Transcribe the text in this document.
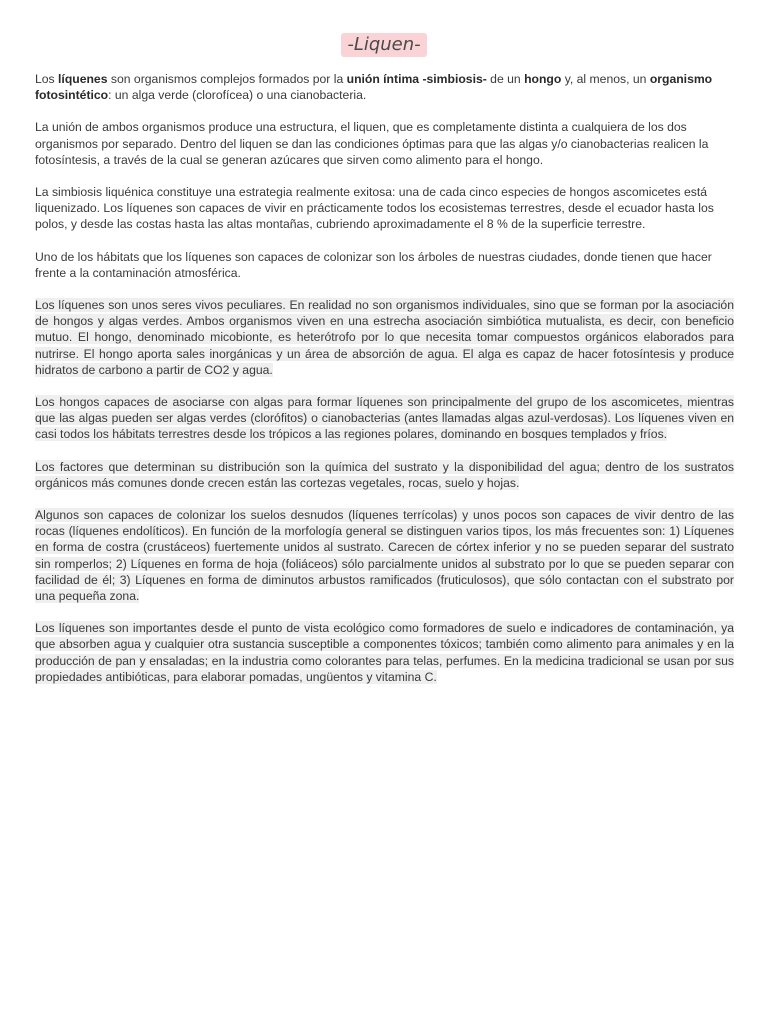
-Liquen-

Los líquenes son organismos complejos formados por la unión íntima -simbiosis- de un hongo y, al menos, un organismo fotosintético: un alga verde (clorofícea) o una cianobacteria.

La unión de ambos organismos produce una estructura, el liquen, que es completamente distinta a cualquiera de los dos organismos por separado. Dentro del liquen se dan las condiciones óptimas para que las algas y/o cianobacterias realicen la fotosíntesis, a través de la cual se generan azúcares que sirven como alimento para el hongo.

La simbiosis liquénica constituye una estrategia realmente exitosa: una de cada cinco especies de hongos ascomicetes está liquenizado. Los líquenes son capaces de vivir en prácticamente todos los ecosistemas terrestres, desde el ecuador hasta los polos, y desde las costas hasta las altas montañas, cubriendo aproximadamente el 8 % de la superficie terrestre.

Uno de los hábitats que los líquenes son capaces de colonizar son los árboles de nuestras ciudades, donde tienen que hacer frente a la contaminación atmosférica.

Los líquenes son unos seres vivos peculiares. En realidad no son organismos individuales, sino que se forman por la asociación de hongos y algas verdes. Ambos organismos viven en una estrecha asociación simbiótica mutualista, es decir, con beneficio mutuo. El hongo, denominado micobionte, es heterótrofo por lo que necesita tomar compuestos orgánicos elaborados para nutrirse. El hongo aporta sales inorgánicas y un área de absorción de agua. El alga es capaz de hacer fotosíntesis y produce hidratos de carbono a partir de CO2 y agua.

Los hongos capaces de asociarse con algas para formar líquenes son principalmente del grupo de los ascomicetes, mientras que las algas pueden ser algas verdes (clorófitos) o cianobacterias (antes llamadas algas azul-verdosas). Los líquenes viven en casi todos los hábitats terrestres desde los trópicos a las regiones polares, dominando en bosques templados y fríos.

Los factores que determinan su distribución son la química del sustrato y la disponibilidad del agua; dentro de los sustratos orgánicos más comunes donde crecen están las cortezas vegetales, rocas, suelo y hojas.

Algunos son capaces de colonizar los suelos desnudos (líquenes terrícolas) y unos pocos son capaces de vivir dentro de las rocas (líquenes endolíticos). En función de la morfología general se distinguen varios tipos, los más frecuentes son: 1) Líquenes en forma de costra (crustáceos) fuertemente unidos al sustrato. Carecen de córtex inferior y no se pueden separar del sustrato sin romperlos; 2) Líquenes en forma de hoja (foliáceos) sólo parcialmente unidos al substrato por lo que se pueden separar con facilidad de él; 3) Líquenes en forma de diminutos arbustos ramificados (fruticulosos), que sólo contactan con el substrato por una pequeña zona.

Los líquenes son importantes desde el punto de vista ecológico como formadores de suelo e indicadores de contaminación, ya que absorben agua y cualquier otra sustancia susceptible a componentes tóxicos; también como alimento para animales y en la producción de pan y ensaladas; en la industria como colorantes para telas, perfumes. En la medicina tradicional se usan por sus propiedades antibióticas, para elaborar pomadas, ungüentos y vitamina C.
